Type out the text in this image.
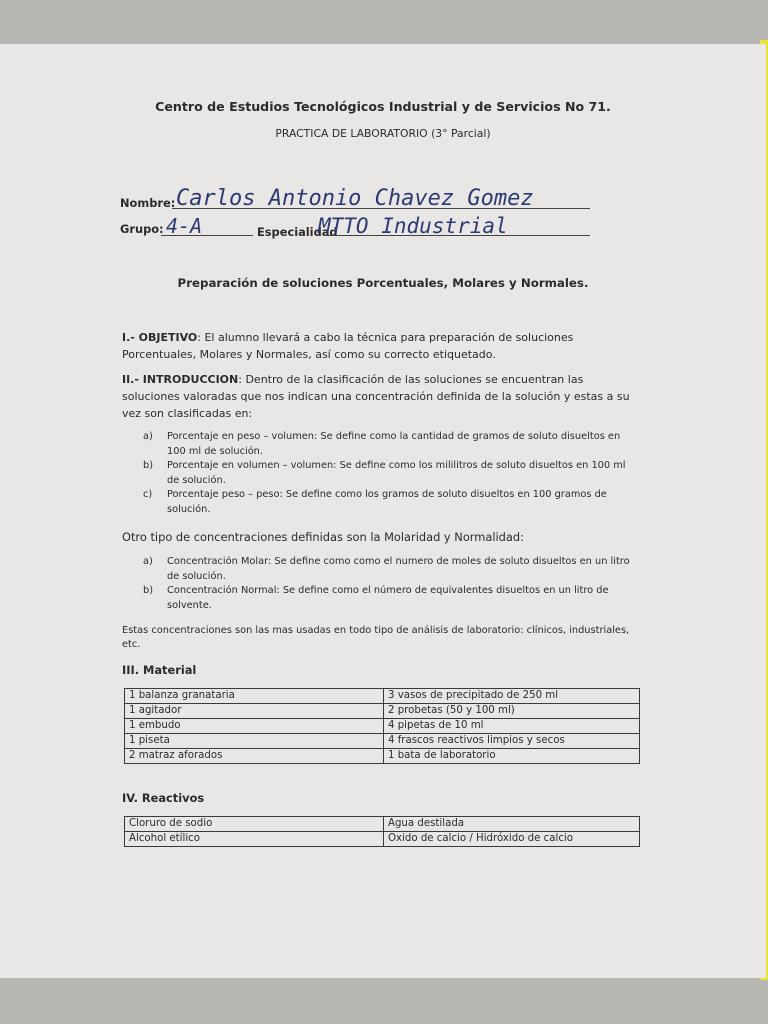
Centro de Estudios Tecnológicos Industrial y de Servicios No 71.
PRACTICA DE LABORATORIO (3° Parcial)
Nombre: Carlos Antonio Chavez Gomez
Grupo: 4-A	Especialidad
MTTO Industrial
Preparación de soluciones Porcentuales, Molares y Normales.
I.- OBJETIVO: El alumno llevará a cabo la técnica para preparación de soluciones Porcentuales, Molares y Normales, así como su correcto etiquetado.
II.- INTRODUCCION: Dentro de la clasificación de las soluciones se encuentran las soluciones valoradas que nos indican una concentración definida de la solución y estas a su vez son clasificadas en:

a) Porcentaje en peso – volumen: Se define como la cantidad de gramos de soluto disueltos en 100 ml de solución.

b) Porcentaje en volumen – volumen: Se define como los mililitros de soluto disueltos en 100 ml de solución.

c) Porcentaje peso – peso: Se define como los gramos de soluto disueltos en 100 gramos de solución.

Otro tipo de concentraciones definidas son la Molaridad y Normalidad:

a) Concentración Molar: Se define como como el numero de moles de soluto disueltos en un litro de solución.

b) Concentración Normal: Se define como el número de equivalentes disueltos en un litro de solvente.

Estas concentraciones son las mas usadas en todo tipo de análisis de laboratorio: clínicos, industriales, etc.
III. Material
1 balanza granataria	3 vasos de precipitado de 250 ml
1 agitador	2 probetas (50 y 100 ml)
1 embudo	4 pipetas de 10 ml
1 piseta	4 frascos reactivos limpios y secos
2 matraz aforados	1 bata de laboratorio
IV. Reactivos
Cloruro de sodio	Agua destilada
Alcohol etílico	Oxido de calcio / Hidróxido de calcio
